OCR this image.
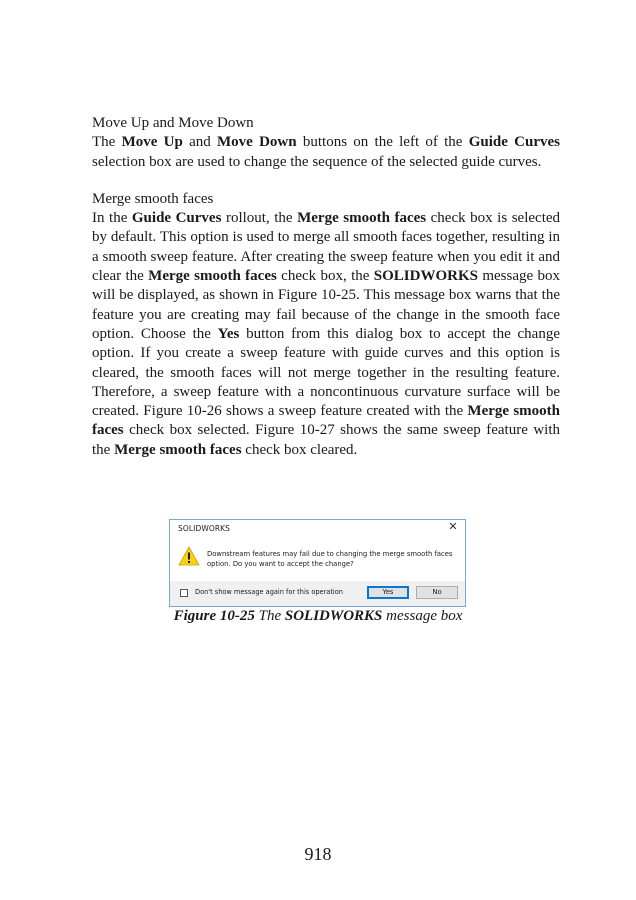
Move Up and Move Down

The Move Up and Move Down buttons on the left of the Guide Curves selection box are used to change the sequence of the selected guide curves.

Merge smooth faces

In the Guide Curves rollout, the Merge smooth faces check box is selected by default. This option is used to merge all smooth faces together, resulting in a smooth sweep feature. After creating the sweep feature when you edit it and clear the Merge smooth faces check box, the SOLIDWORKS message box will be displayed, as shown in Figure 10-25. This message box warns that the feature you are creating may fail because of the change in the smooth face option. Choose the Yes button from this dialog box to accept the change option. If you create a sweep feature with guide curves and this option is cleared, the smooth faces will not merge together in the resulting feature. Therefore, a sweep feature with a noncontinuous curvature surface will be created. Figure 10-26 shows a sweep feature created with the Merge smooth faces check box selected. Figure 10-27 shows the same sweep feature with the Merge smooth faces check box cleared.

SOLIDWORKS	✕
Downstream features may fail due to changing the merge smooth faces
option. Do you want to accept the change?
Don't show message again for this operation	Yes	No
Figure 10-25 The SOLIDWORKS message box
918
